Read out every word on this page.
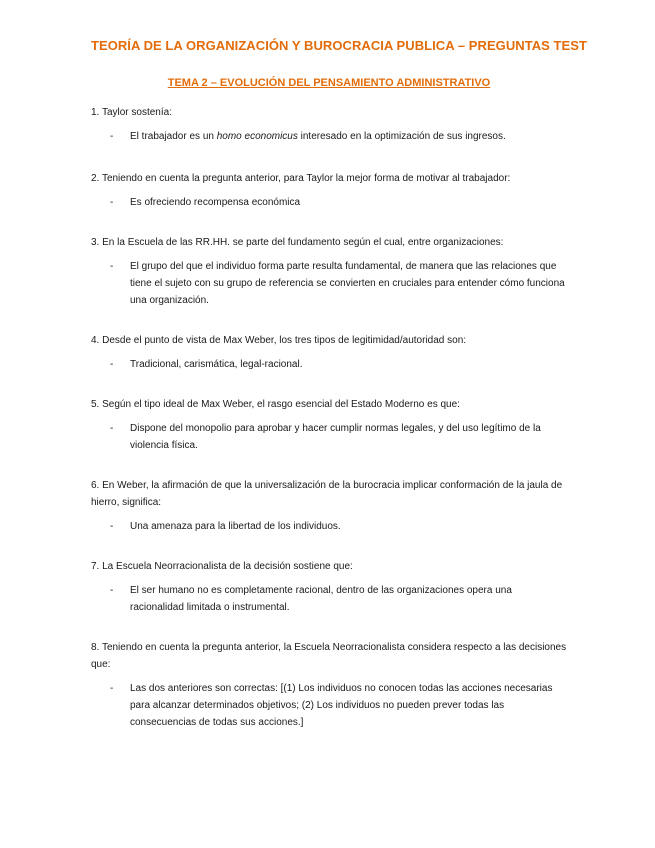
TEORÍA DE LA ORGANIZACIÓN Y BUROCRACIA PUBLICA – PREGUNTAS TEST

TEMA 2 – EVOLUCIÓN DEL PENSAMIENTO ADMINISTRATIVO

1. Taylor sostenía:

- El trabajador es un homo economicus interesado en la optimización de sus ingresos.

2. Teniendo en cuenta la pregunta anterior, para Taylor la mejor forma de motivar al trabajador:

- Es ofreciendo recompensa económica

3. En la Escuela de las RR.HH. se parte del fundamento según el cual, entre organizaciones:

- El grupo del que el individuo forma parte resulta fundamental, de manera que las relaciones que tiene el sujeto con su grupo de referencia se convierten en cruciales para entender cómo funciona una organización.

4. Desde el punto de vista de Max Weber, los tres tipos de legitimidad/autoridad son:

- Tradicional, carismática, legal-racional.

5. Según el tipo ideal de Max Weber, el rasgo esencial del Estado Moderno es que:

- Dispone del monopolio para aprobar y hacer cumplir normas legales, y del uso legítimo de la violencia física.

6. En Weber, la afirmación de que la universalización de la burocracia implicar conformación de la jaula de hierro, significa:

- Una amenaza para la libertad de los individuos.

7. La Escuela Neorracionalista de la decisión sostiene que:

- El ser humano no es completamente racional, dentro de las organizaciones opera una racionalidad limitada o instrumental.

8. Teniendo en cuenta la pregunta anterior, la Escuela Neorracionalista considera respecto a las decisiones que:

- Las dos anteriores son correctas: [(1) Los individuos no conocen todas las acciones necesarias para alcanzar determinados objetivos; (2) Los individuos no pueden prever todas las consecuencias de todas sus acciones.]
